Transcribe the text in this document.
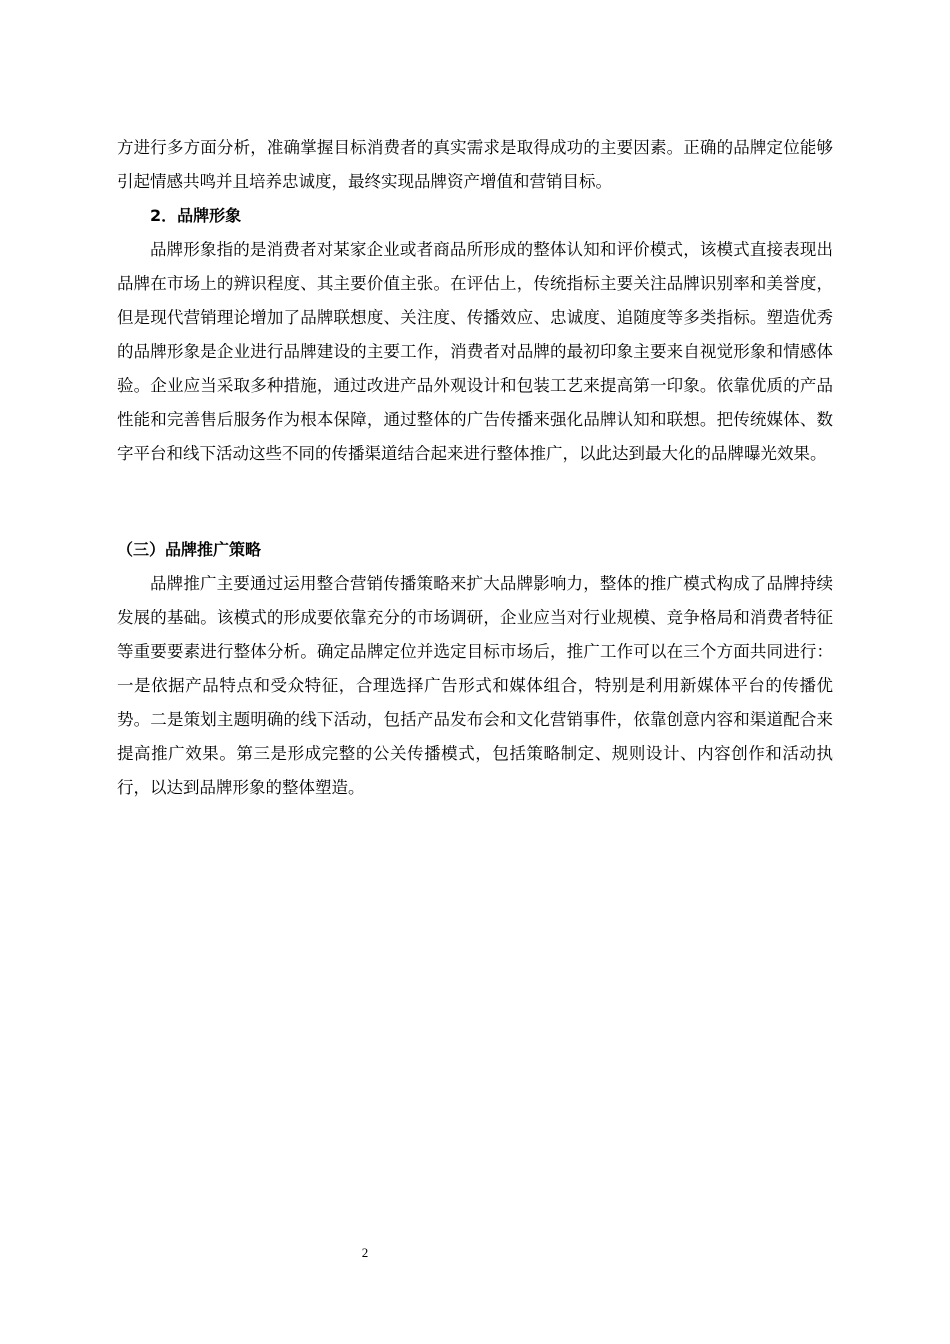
方进行多方面分析，准确掌握目标消费者的真实需求是取得成功的主要因素。正确的品牌定位能够引起情感共鸣并且培养忠诚度，最终实现品牌资产增值和营销目标。

2．品牌形象

品牌形象指的是消费者对某家企业或者商品所形成的整体认知和评价模式，该模式直接表现出品牌在市场上的辨识程度、其主要价值主张。在评估上，传统指标主要关注品牌识别率和美誉度，但是现代营销理论增加了品牌联想度、关注度、传播效应、忠诚度、追随度等多类指标。塑造优秀的品牌形象是企业进行品牌建设的主要工作，消费者对品牌的最初印象主要来自视觉形象和情感体验。企业应当采取多种措施，通过改进产品外观设计和包装工艺来提高第一印象。依靠优质的产品性能和完善售后服务作为根本保障，通过整体的广告传播来强化品牌认知和联想。把传统媒体、数字平台和线下活动这些不同的传播渠道结合起来进行整体推广，以此达到最大化的品牌曝光效果。

（三）品牌推广策略

品牌推广主要通过运用整合营销传播策略来扩大品牌影响力，整体的推广模式构成了品牌持续发展的基础。该模式的形成要依靠充分的市场调研，企业应当对行业规模、竞争格局和消费者特征等重要要素进行整体分析。确定品牌定位并选定目标市场后，推广工作可以在三个方面共同进行：一是依据产品特点和受众特征，合理选择广告形式和媒体组合，特别是利用新媒体平台的传播优势。二是策划主题明确的线下活动，包括产品发布会和文化营销事件，依靠创意内容和渠道配合来提高推广效果。第三是形成完整的公关传播模式，包括策略制定、规则设计、内容创作和活动执行，以达到品牌形象的整体塑造。

2
